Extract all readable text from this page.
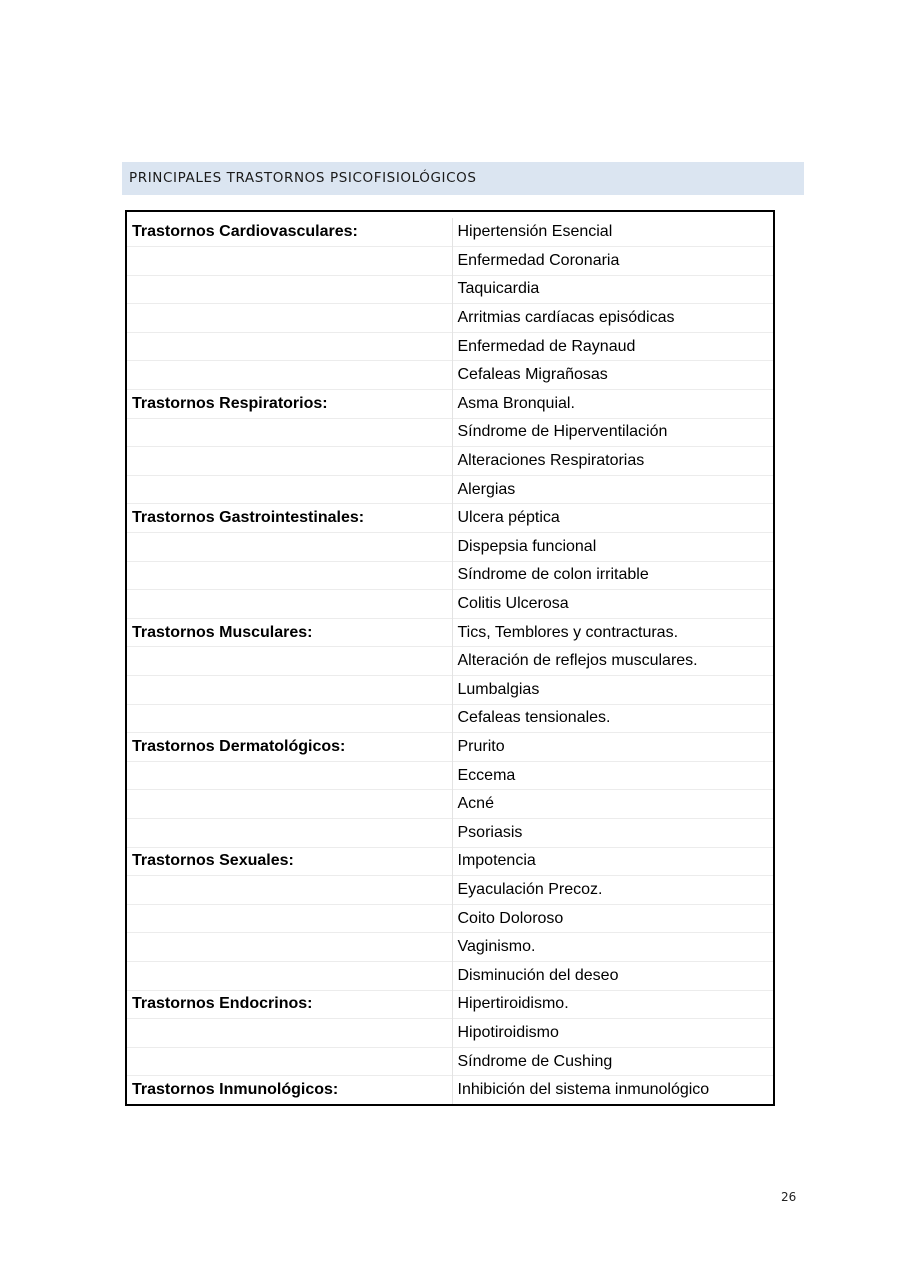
PRINCIPALES TRASTORNOS PSICOFISIOLÓGICOS
Trastornos Cardiovasculares:	Hipertensión Esencial
	Enfermedad Coronaria
	Taquicardia
	Arritmias cardíacas episódicas
	Enfermedad de Raynaud
	Cefaleas Migrañosas
Trastornos Respiratorios:	Asma Bronquial.
	Síndrome de Hiperventilación
	Alteraciones Respiratorias
	Alergias
Trastornos Gastrointestinales:	Ulcera péptica
	Dispepsia funcional
	Síndrome de colon irritable
	Colitis Ulcerosa
Trastornos Musculares:	Tics, Temblores y contracturas.
	Alteración de reflejos musculares.
	Lumbalgias
	Cefaleas tensionales.
Trastornos Dermatológicos:	Prurito
	Eccema
	Acné
	Psoriasis
Trastornos Sexuales:	Impotencia
	Eyaculación Precoz.
	Coito Doloroso
	Vaginismo.
	Disminución del deseo
Trastornos Endocrinos:	Hipertiroidismo.
	Hipotiroidismo
	Síndrome de Cushing
Trastornos Inmunológicos:	Inhibición del sistema inmunológico
26
